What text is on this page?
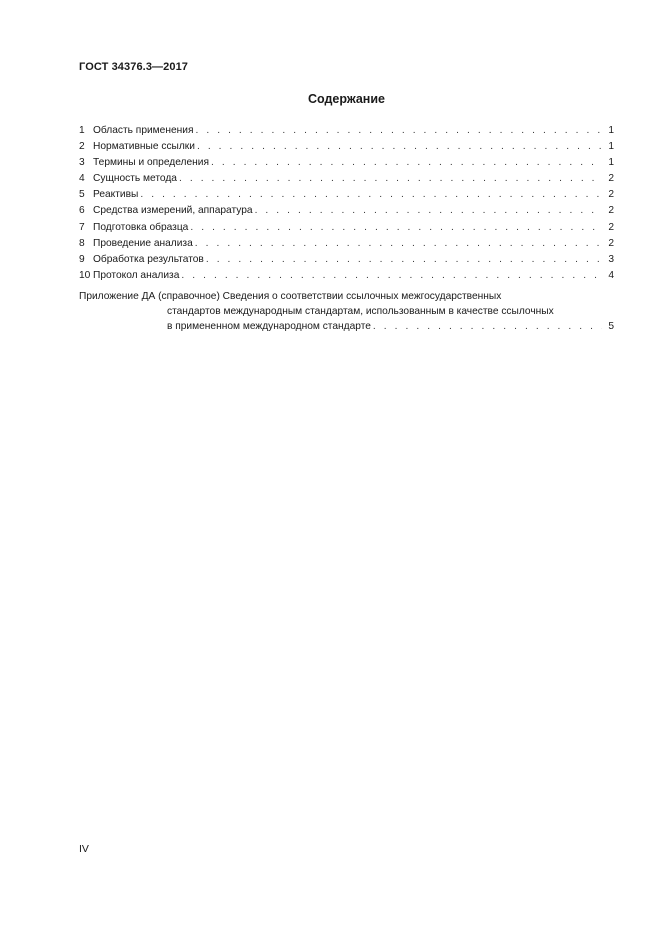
ГОСТ 34376.3—2017
Содержание
1 Область применения . . .	1
2 Нормативные ссылки . . .	1
3 Термины и определения . . .	1
4 Сущность метода . . .	2
5 Реактивы . . .	2
6 Средства измерений, аппаратура . . .	2
7 Подготовка образца . . .	2
8 Проведение анализа . . .	2
9 Обработка результатов . . .	3
10 Протокол анализа . . .	4
Приложение ДА (справочное) Сведения о соответствии ссылочных межгосударственных
стандартов международным стандартам, использованным в качестве ссылочных
в примененном международном стандарте . . .	5
IV
